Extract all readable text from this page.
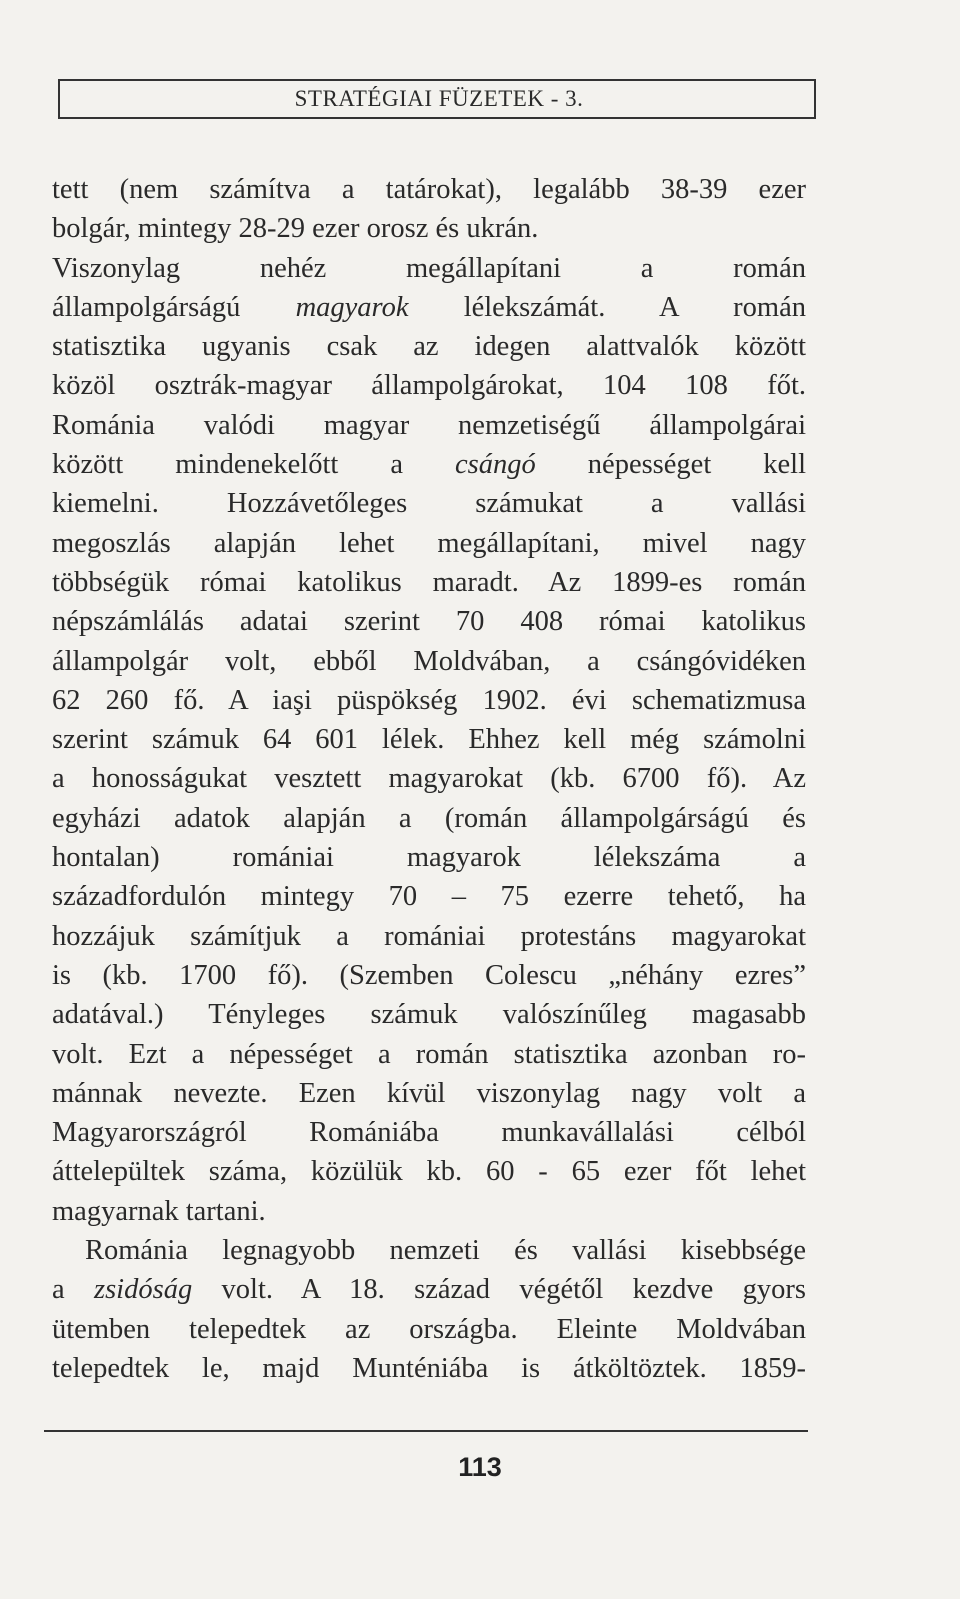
STRATÉGIAI FÜZETEK - 3.
tett (nem számítva a tatárokat), legalább 38-39 ezer
bolgár, mintegy 28-29 ezer orosz és ukrán.
Viszonylag nehéz megállapítani a román
állampolgárságú magyarok lélekszámát. A román
statisztika ugyanis csak az idegen alattvalók között
közöl osztrák-magyar állampolgárokat, 104 108 főt.
Románia valódi magyar nemzetiségű állampolgárai
között mindenekelőtt a csángó népességet kell
kiemelni. Hozzávetőleges számukat a vallási
megoszlás alapján lehet megállapítani, mivel nagy
többségük római katolikus maradt. Az 1899-es román
népszámlálás adatai szerint 70 408 római katolikus
állampolgár volt, ebből Moldvában, a csángóvidéken
62 260 fő. A iaşi püspökség 1902. évi schematizmusa
szerint számuk 64 601 lélek. Ehhez kell még számolni
a honosságukat vesztett magyarokat (kb. 6700 fő). Az
egyházi adatok alapján a (román állampolgárságú és
hontalan) romániai magyarok lélekszáma a
századfordulón mintegy 70 – 75 ezerre tehető, ha
hozzájuk számítjuk a romániai protestáns magyarokat
is (kb. 1700 fő). (Szemben Colescu „néhány ezres”
adatával.) Tényleges számuk valószínűleg magasabb
volt. Ezt a népességet a román statisztika azonban ro-
mánnak nevezte. Ezen kívül viszonylag nagy volt a
Magyarországról Romániába munkavállalási célból
áttelepültek száma, közülük kb. 60 - 65 ezer főt lehet
magyarnak tartani.
Románia legnagyobb nemzeti és vallási kisebbsége
a zsidóság volt. A 18. század végétől kezdve gyors
ütemben telepedtek az országba. Eleinte Moldvában
telepedtek le, majd Munténiába is átköltöztek. 1859-
113
